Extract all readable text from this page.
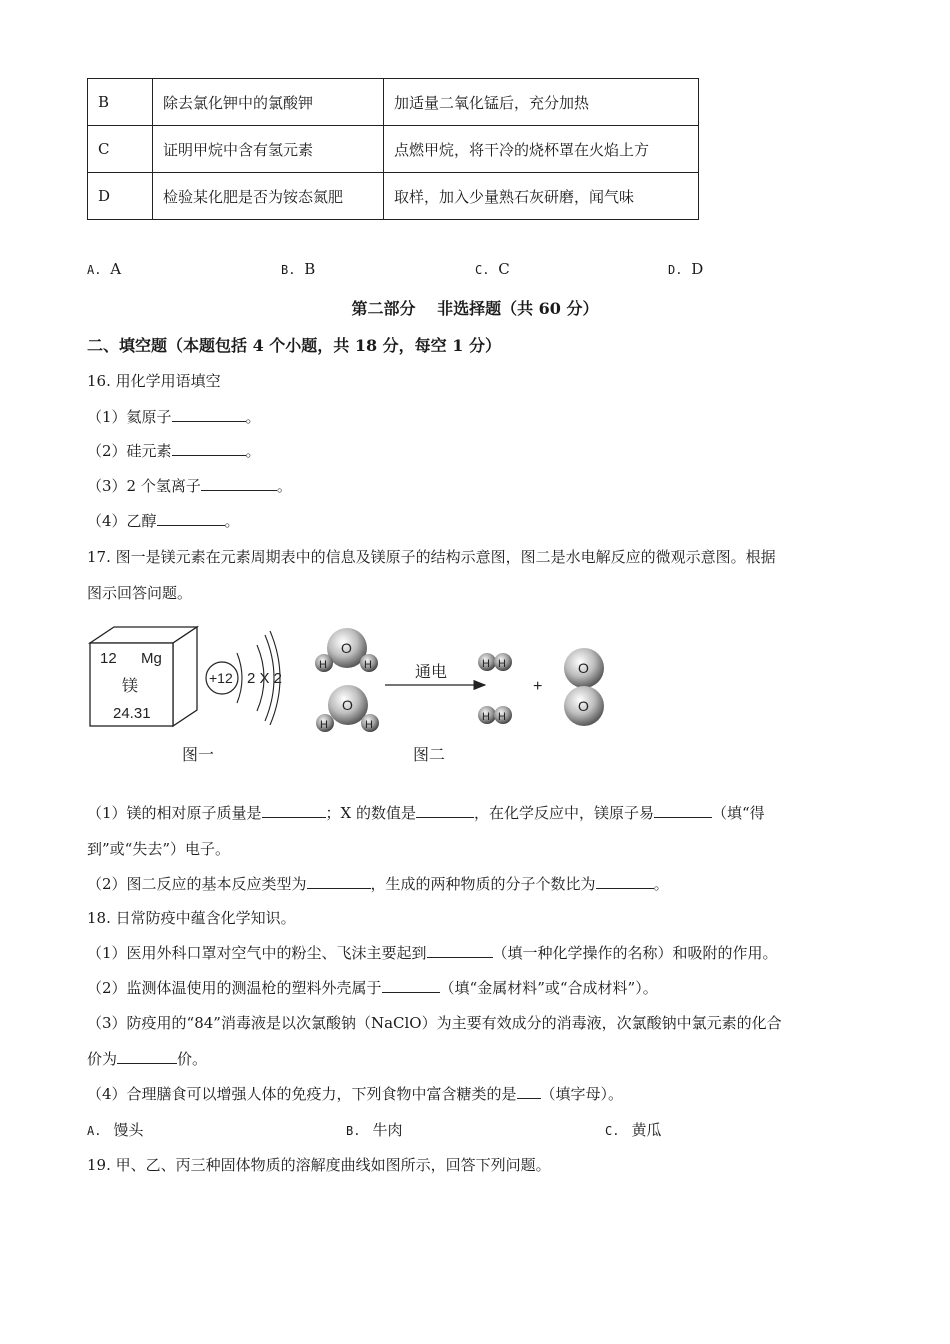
B	除去氯化钾中的氯酸钾	加适量二氧化锰后，充分加热
C	证明甲烷中含有氢元素	点燃甲烷，将干冷的烧杯罩在火焰上方
D	检验某化肥是否为铵态氮肥	取样，加入少量熟石灰研磨，闻气味
A. A	B. B	C. C	D. D
第二部分　 非选择题（共 60 分）
二、填空题（本题包括 4 个小题，共 18 分，每空 1 分）
16. 用化学用语填空
（1）氦原子	。
（2）硅元素	。
（3）2 个氢离子	。
（4）乙醇	。
17. 图一是镁元素在元素周期表中的信息及镁原子的结构示意图，图二是水电解反应的微观示意图。根据
图示回答问题。
12 Mg
镁
24.31
+12 2 X 2
图一
O
H	H
O
H	H
通电	H H
H H
+
O
O
图二
（1）镁的相对原子质量是	；X 的数值是	，在化学反应中，镁原子易	（填“得
到”或“失去”）电子。
（2）图二反应的基本反应类型为	，生成的两种物质的分子个数比为	。
18. 日常防疫中蕴含化学知识。
（1）医用外科口罩对空气中的粉尘、飞沫主要起到	（填一种化学操作的名称）和吸附的作用。
（2）监测体温使用的测温枪的塑料外壳属于	（填“金属材料”或“合成材料”）。
（3）防疫用的“84”消毒液是以次氯酸钠（NaClO）为主要有效成分的消毒液，次氯酸钠中氯元素的化合
价为	价。
（4）合理膳食可以增强人体的免疫力，下列食物中富含糖类的是 （填字母）。
A. 馒头	B. 牛肉	C. 黄瓜
19. 甲、乙、丙三种固体物质的溶解度曲线如图所示，回答下列问题。
